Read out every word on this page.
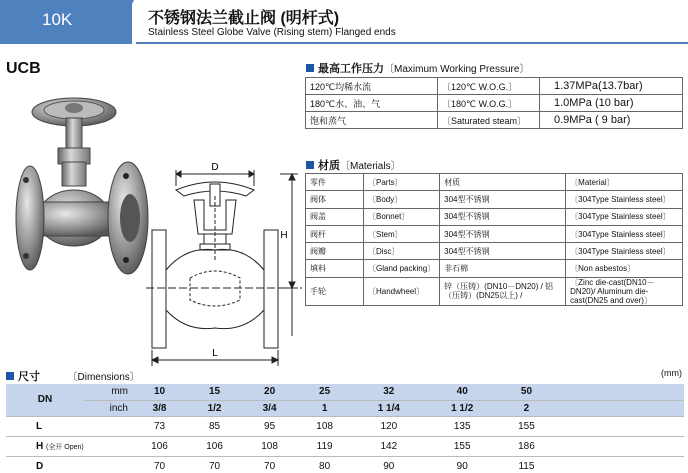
10K	不锈钢法兰截止阀 (明杆式)
Stainless Steel Globe Valve (Rising stem) Flanged ends
UCB
D
H
L
最高工作压力〔Maximum Working Pressure〕
120℃均稀水流	〔120℃ W.O.G.〕	1.37MPa(13.7bar)
180℃水、油、气	〔180℃ W.O.G.〕	1.0MPa (10 bar)
饱和蒸气	〔Saturated steam〕	0.9MPa ( 9 bar)
材质〔Materials〕
零件	〔Parts〕	材质	〔Material〕
阀体	〔Body〕	304型不锈钢	〔304Type Stainless steel〕
阀盖	〔Bonnet〕	304型不锈钢	〔304Type Stainless steel〕
阀杆	〔Stem〕	304型不锈钢	〔304Type Stainless steel〕
阀瓣	〔Disc〕	304型不锈钢	〔304Type Stainless steel〕
填料	〔Gland packing〕	非石棉	〔Non asbestos〕
手轮	〔Handwheel〕	锌（压铸）(DN10－DN20) / 铝（压铸）(DN25以上) /	〔Zinc die-cast(DN10－DN20)/ Aluminum die-cast(DN25 and over)〕
尺寸	〔Dimensions〕	(mm)
DN	mm	10	15	20	25	32	40	50	
	inch	3/8	1/2	3/4	1	1 1/4	1 1/2	2	
L		73	85	95	108	120	135	155	
H (全开 Open)		106	106	108	119	142	155	186	
D		70	70	70	80	90	90	115	
